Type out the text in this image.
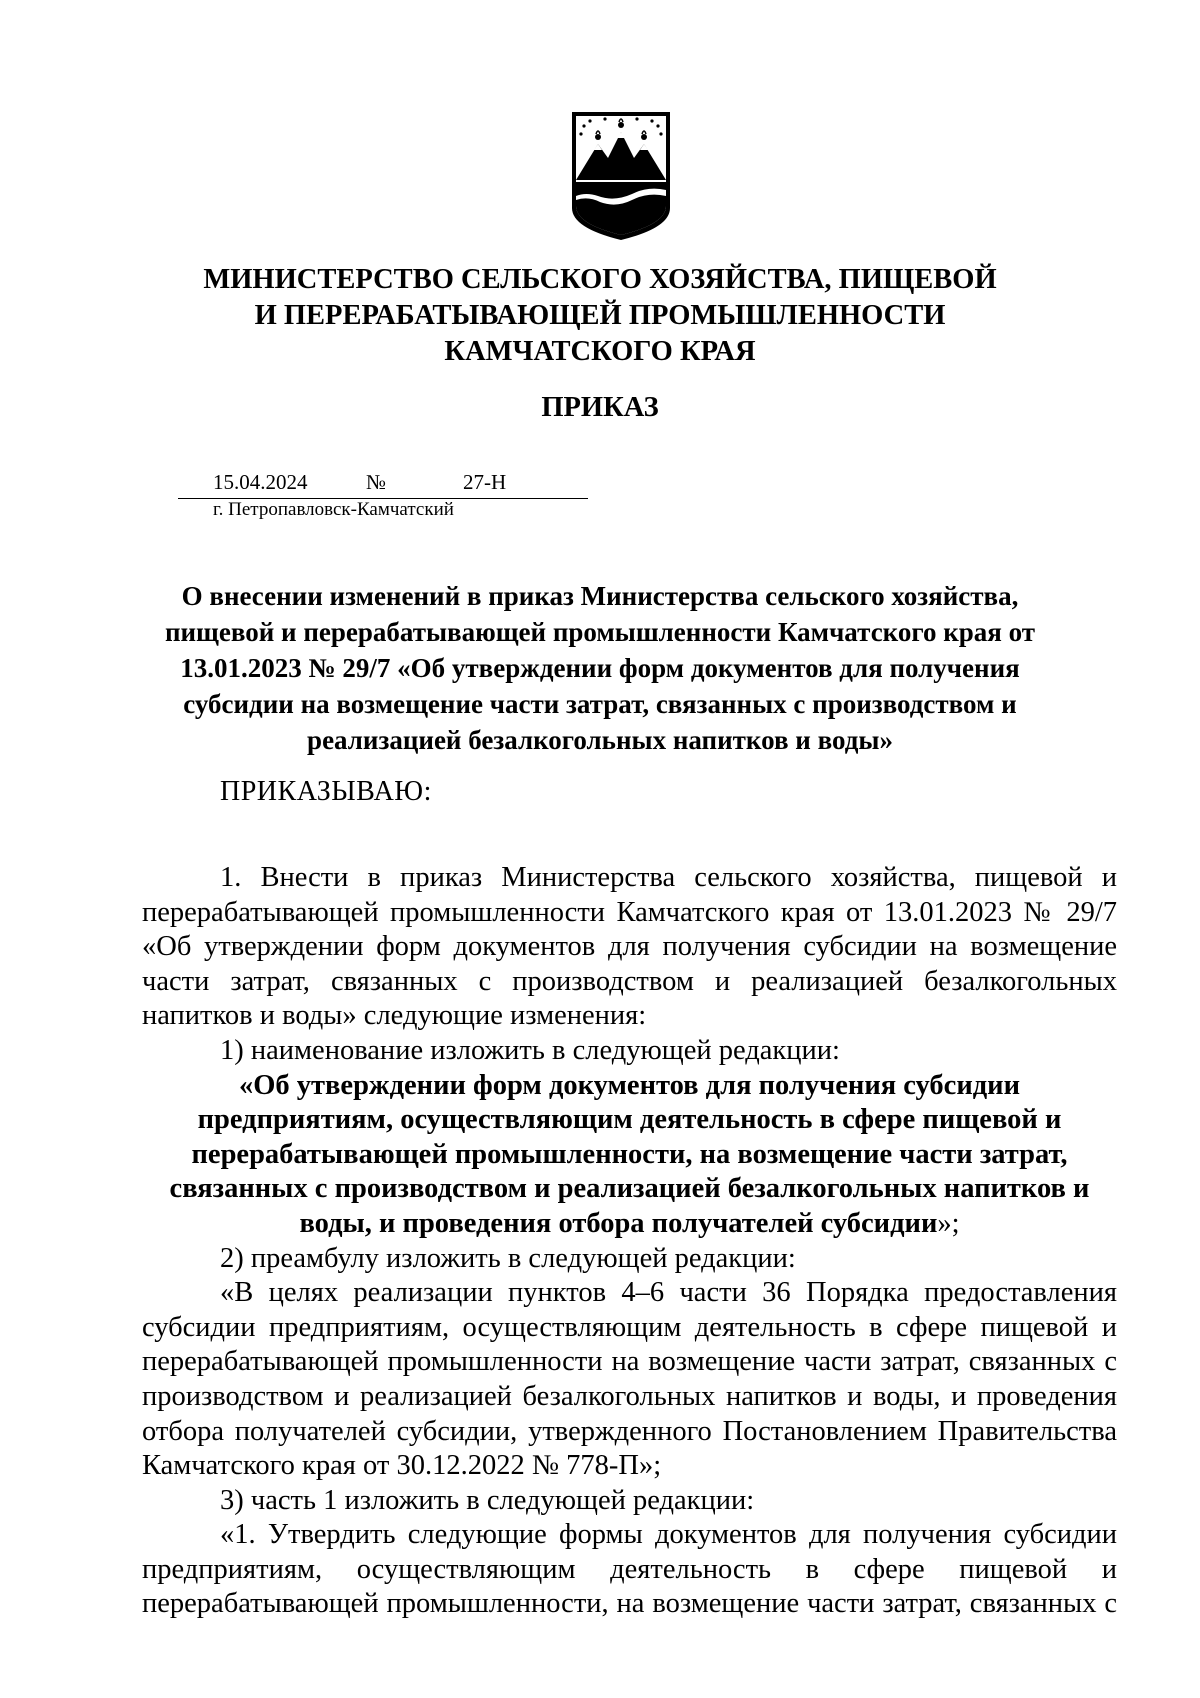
МИНИСТЕРСТВО СЕЛЬСКОГО ХОЗЯЙСТВА, ПИЩЕВОЙ
И ПЕРЕРАБАТЫВАЮЩЕЙ ПРОМЫШЛЕННОСТИ
КАМЧАТСКОГО КРАЯ
ПРИКАЗ
15.04.2024	№	27-Н
г. Петропавловск-Камчатский
О внесении изменений в приказ Министерства сельского хозяйства,
пищевой и перерабатывающей промышленности Камчатского края от
13.01.2023 № 29/7 «Об утверждении форм документов для получения
субсидии на возмещение части затрат, связанных с производством и
реализацией безалкогольных напитков и воды»
ПРИКАЗЫВАЮ:
1. Внести в приказ Министерства сельского хозяйства, пищевой и
перерабатывающей промышленности Камчатского края от 13.01.2023 № 29/7
«Об утверждении форм документов для получения субсидии на возмещение
части затрат, связанных с производством и реализацией безалкогольных
напитков и воды» следующие изменения:
1) наименование изложить в следующей редакции:
«Об утверждении форм документов для получения субсидии
предприятиям, осуществляющим деятельность в сфере пищевой и
перерабатывающей промышленности, на возмещение части затрат,
связанных с производством и реализацией безалкогольных напитков и
воды, и проведения отбора получателей субсидии»;
2) преамбулу изложить в следующей редакции:
«В целях реализации пунктов 4–6 части 36 Порядка предоставления
субсидии предприятиям, осуществляющим деятельность в сфере пищевой и
перерабатывающей промышленности на возмещение части затрат, связанных с
производством и реализацией безалкогольных напитков и воды, и проведения
отбора получателей субсидии, утвержденного Постановлением Правительства
Камчатского края от 30.12.2022 № 778-П»;
3) часть 1 изложить в следующей редакции:
«1. Утвердить следующие формы документов для получения субсидии
предприятиям, осуществляющим деятельность в сфере пищевой и
перерабатывающей промышленности, на возмещение части затрат, связанных с
